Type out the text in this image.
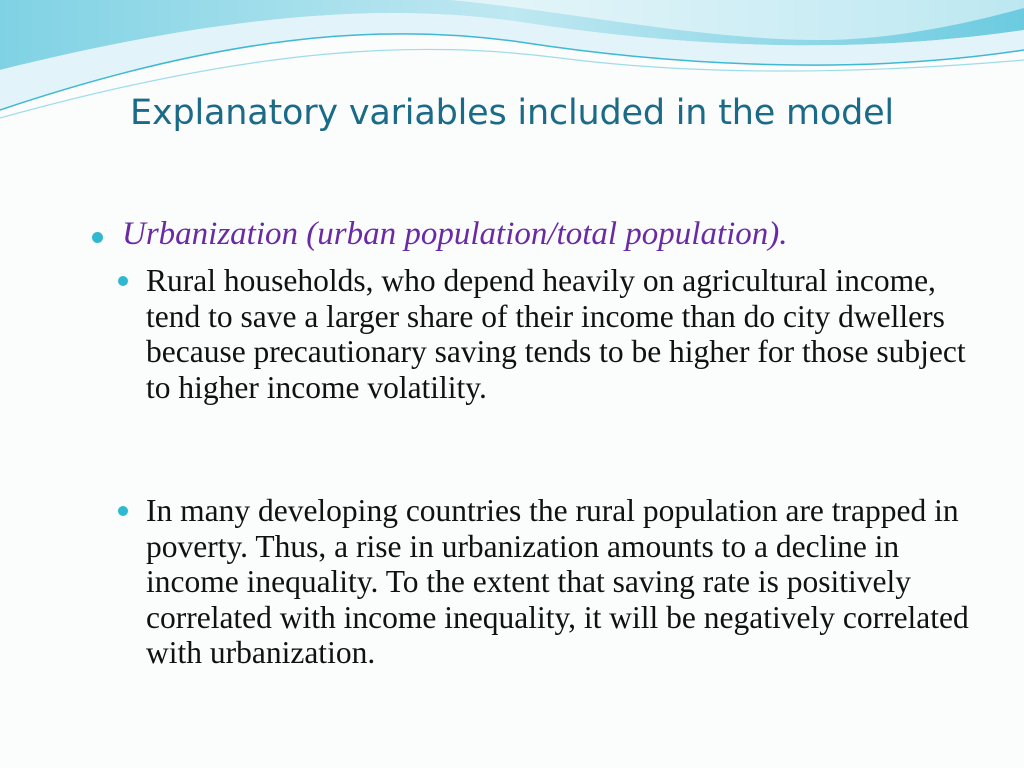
Explanatory variables included in the model
Urbanization (urban population/total population).
Rural households, who depend heavily on agricultural income, tend to save a larger share of their income than do city dwellers because precautionary saving tends to be higher for those subject to higher income volatility.
In many developing countries the rural population are trapped in poverty. Thus, a rise in urbanization amounts to a decline in income inequality. To the extent that saving rate is positively correlated with income inequality, it will be negatively correlated with urbanization.
